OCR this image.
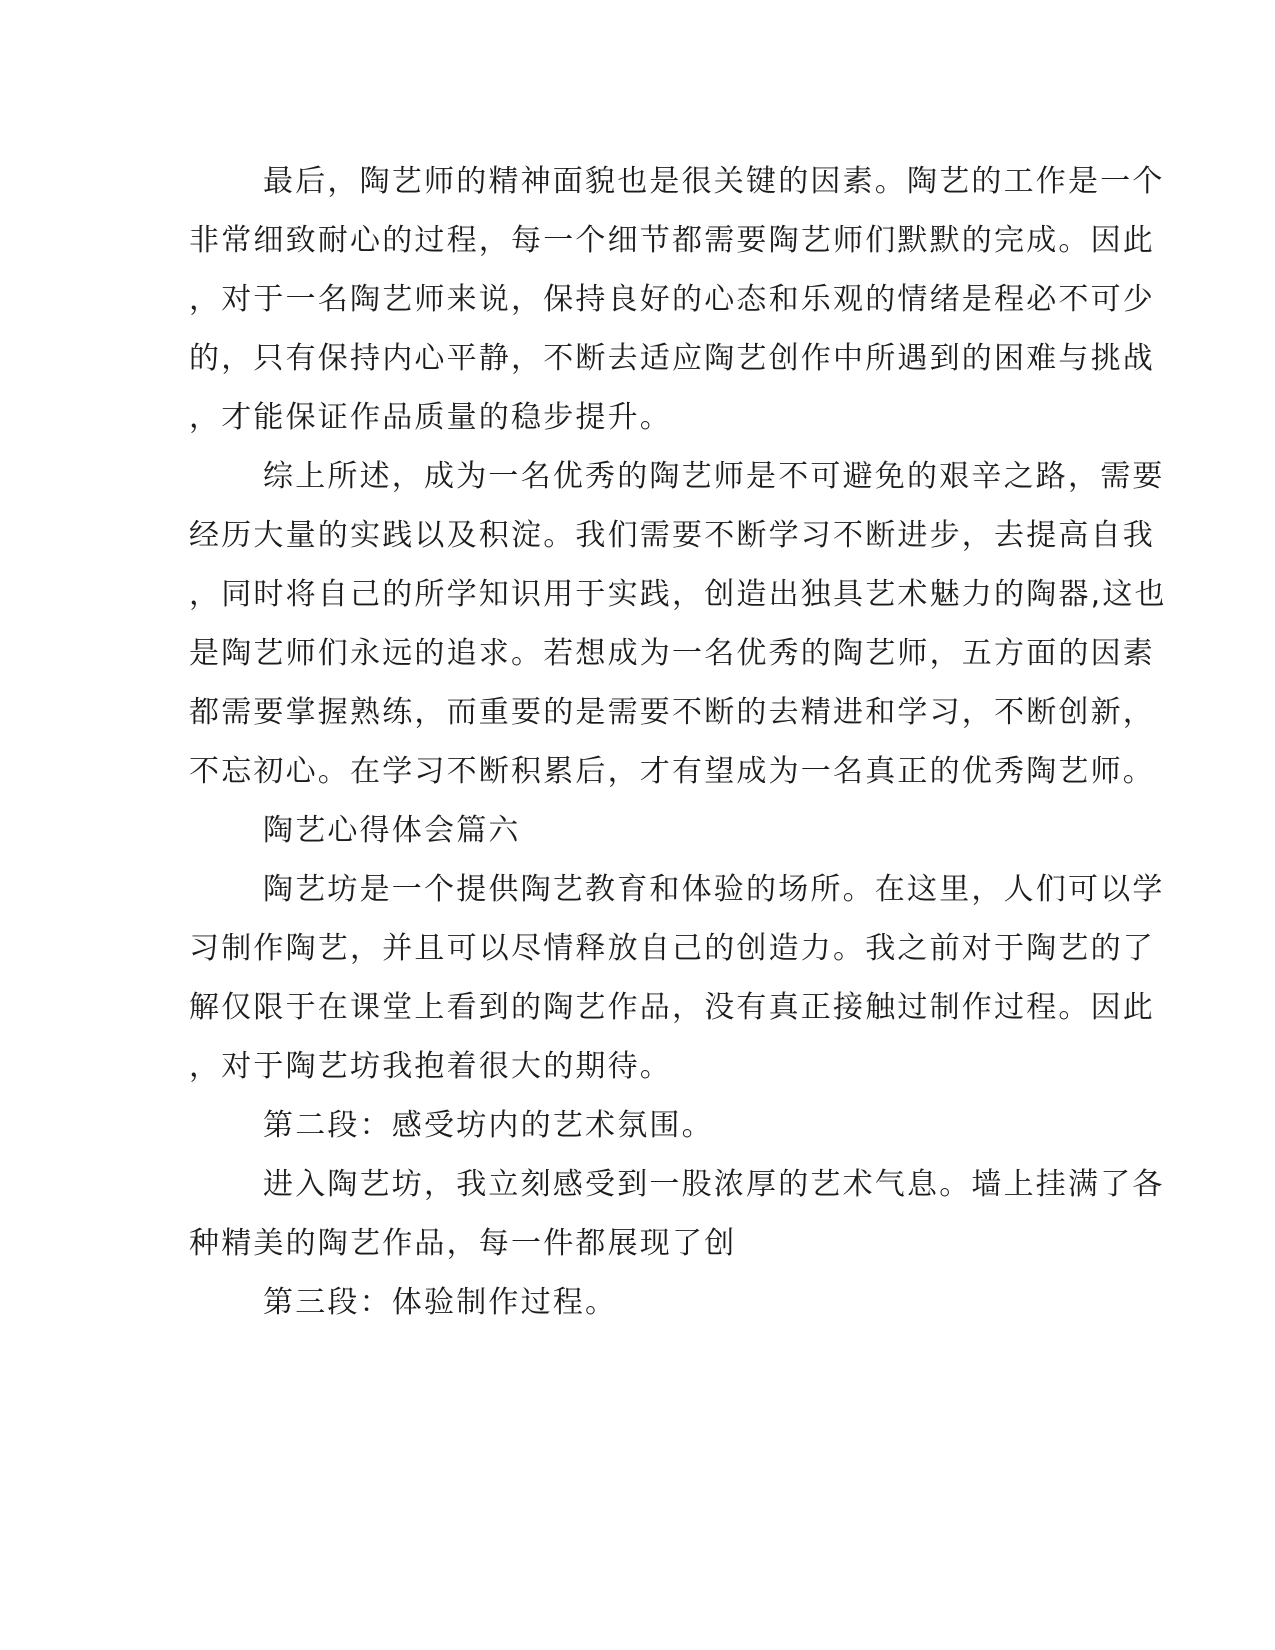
最后，陶艺师的精神面貌也是很关键的因素。陶艺的工作是一个
非常细致耐心的过程，每一个细节都需要陶艺师们默默的完成。因此
，对于一名陶艺师来说，保持良好的心态和乐观的情绪是程必不可少
的，只有保持内心平静，不断去适应陶艺创作中所遇到的困难与挑战
，才能保证作品质量的稳步提升。
综上所述，成为一名优秀的陶艺师是不可避免的艰辛之路，需要
经历大量的实践以及积淀。我们需要不断学习不断进步，去提高自我
，同时将自己的所学知识用于实践，创造出独具艺术魅力的陶器,这也
是陶艺师们永远的追求。若想成为一名优秀的陶艺师，五方面的因素
都需要掌握熟练，而重要的是需要不断的去精进和学习，不断创新，
不忘初心。在学习不断积累后，才有望成为一名真正的优秀陶艺师。
陶艺心得体会篇六
陶艺坊是一个提供陶艺教育和体验的场所。在这里，人们可以学
习制作陶艺，并且可以尽情释放自己的创造力。我之前对于陶艺的了
解仅限于在课堂上看到的陶艺作品，没有真正接触过制作过程。因此
，对于陶艺坊我抱着很大的期待。
第二段：感受坊内的艺术氛围。
进入陶艺坊，我立刻感受到一股浓厚的艺术气息。墙上挂满了各
种精美的陶艺作品，每一件都展现了创
第三段：体验制作过程。
